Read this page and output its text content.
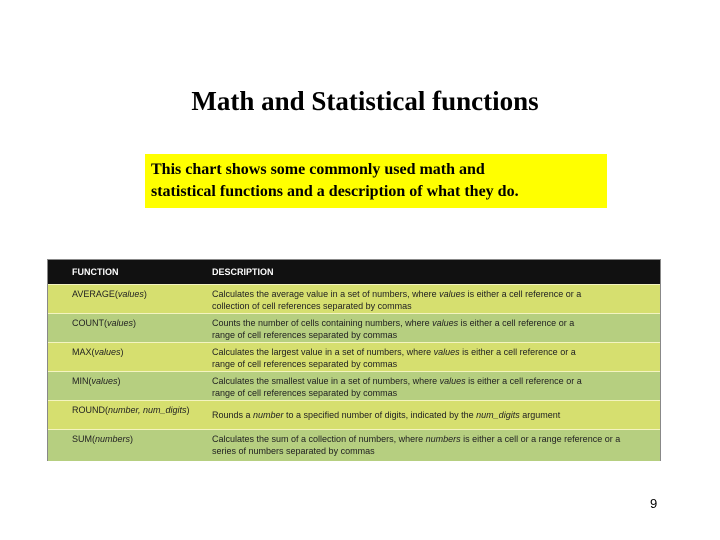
Math and Statistical functions
This chart shows some commonly used math and
statistical functions and a description of what they do.
FUNCTION	DESCRIPTION
AVERAGE(values)	Calculates the average value in a set of numbers, where values is either a cell reference or a
collection of cell references separated by commas
COUNT(values)	Counts the number of cells containing numbers, where values is either a cell reference or a
range of cell references separated by commas
MAX(values)	Calculates the largest value in a set of numbers, where values is either a cell reference or a
range of cell references separated by commas
MIN(values)	Calculates the smallest value in a set of numbers, where values is either a cell reference or a
range of cell references separated by commas
ROUND(number, num_digits) Rounds a number to a specified number of digits, indicated by the num_digits argument
SUM(numbers)	Calculates the sum of a collection of numbers, where numbers is either a cell or a range reference or a
series of numbers separated by commas
9
